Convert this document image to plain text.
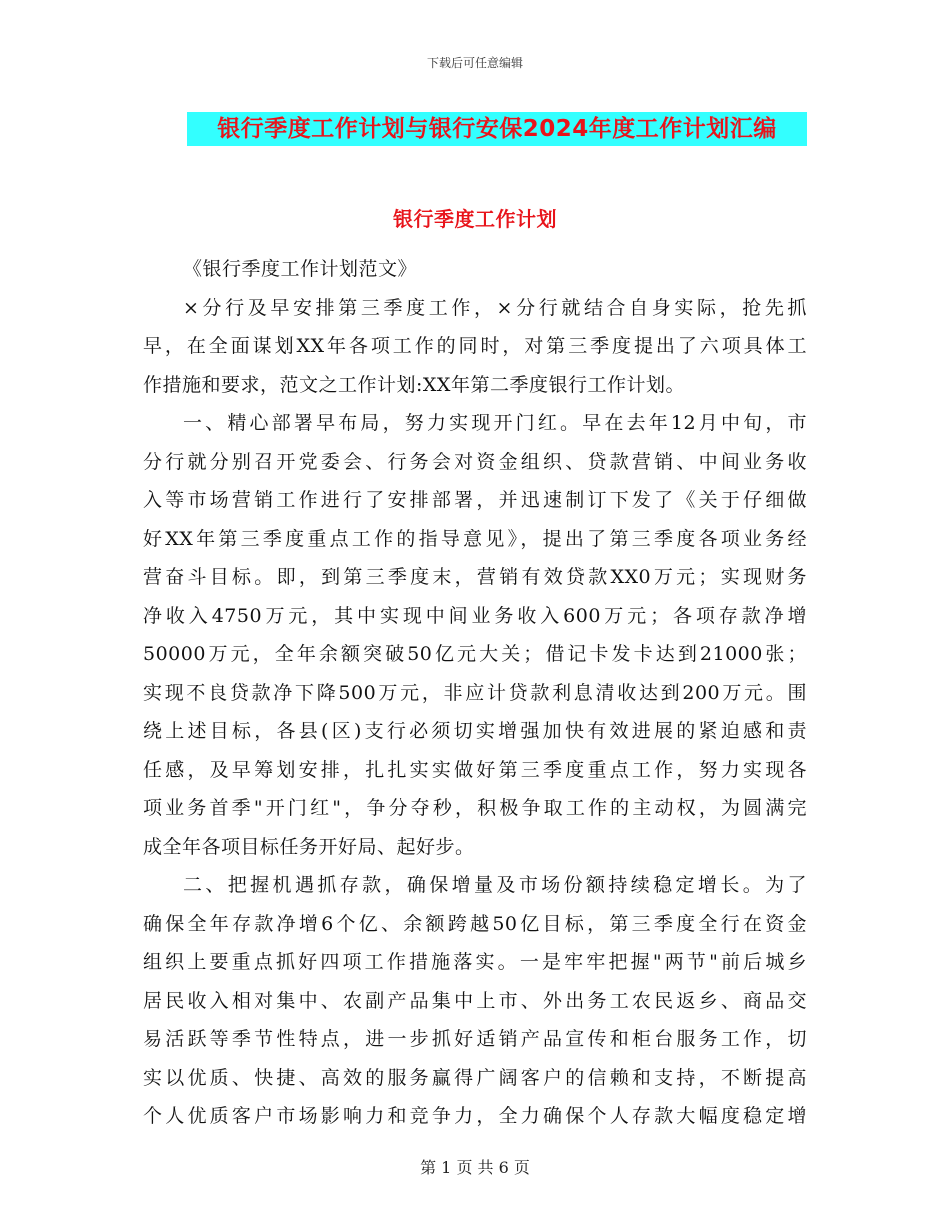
下载后可任意编辑
银行季度工作计划与银行安保2024年度工作计划汇编
银行季度工作计划
《银行季度工作计划范文》
×分行及早安排第三季度工作，×分行就结合自身实际，抢先抓
早，在全面谋划XX年各项工作的同时，对第三季度提出了六项具体工
作措施和要求，范文之工作计划:XX年第二季度银行工作计划。
一、精心部署早布局，努力实现开门红。早在去年12月中旬，市
分行就分别召开党委会、行务会对资金组织、贷款营销、中间业务收
入等市场营销工作进行了安排部署，并迅速制订下发了《关于仔细做
好XX年第三季度重点工作的指导意见》，提出了第三季度各项业务经
营奋斗目标。即，到第三季度末，营销有效贷款XX0万元；实现财务
净收入4750万元，其中实现中间业务收入600万元；各项存款净增
50000万元，全年余额突破50亿元大关；借记卡发卡达到21000张；
实现不良贷款净下降500万元，非应计贷款利息清收达到200万元。围
绕上述目标，各县(区)支行必须切实增强加快有效进展的紧迫感和责
任感，及早筹划安排，扎扎实实做好第三季度重点工作，努力实现各
项业务首季"开门红"，争分夺秒，积极争取工作的主动权，为圆满完
成全年各项目标任务开好局、起好步。
二、把握机遇抓存款，确保增量及市场份额持续稳定增长。为了
确保全年存款净增6个亿、余额跨越50亿目标，第三季度全行在资金
组织上要重点抓好四项工作措施落实。一是牢牢把握"两节"前后城乡
居民收入相对集中、农副产品集中上市、外出务工农民返乡、商品交
易活跃等季节性特点，进一步抓好适销产品宣传和柜台服务工作，切
实以优质、快捷、高效的服务赢得广阔客户的信赖和支持，不断提高
个人优质客户市场影响力和竞争力，全力确保个人存款大幅度稳定增
第 1 页 共 6 页
